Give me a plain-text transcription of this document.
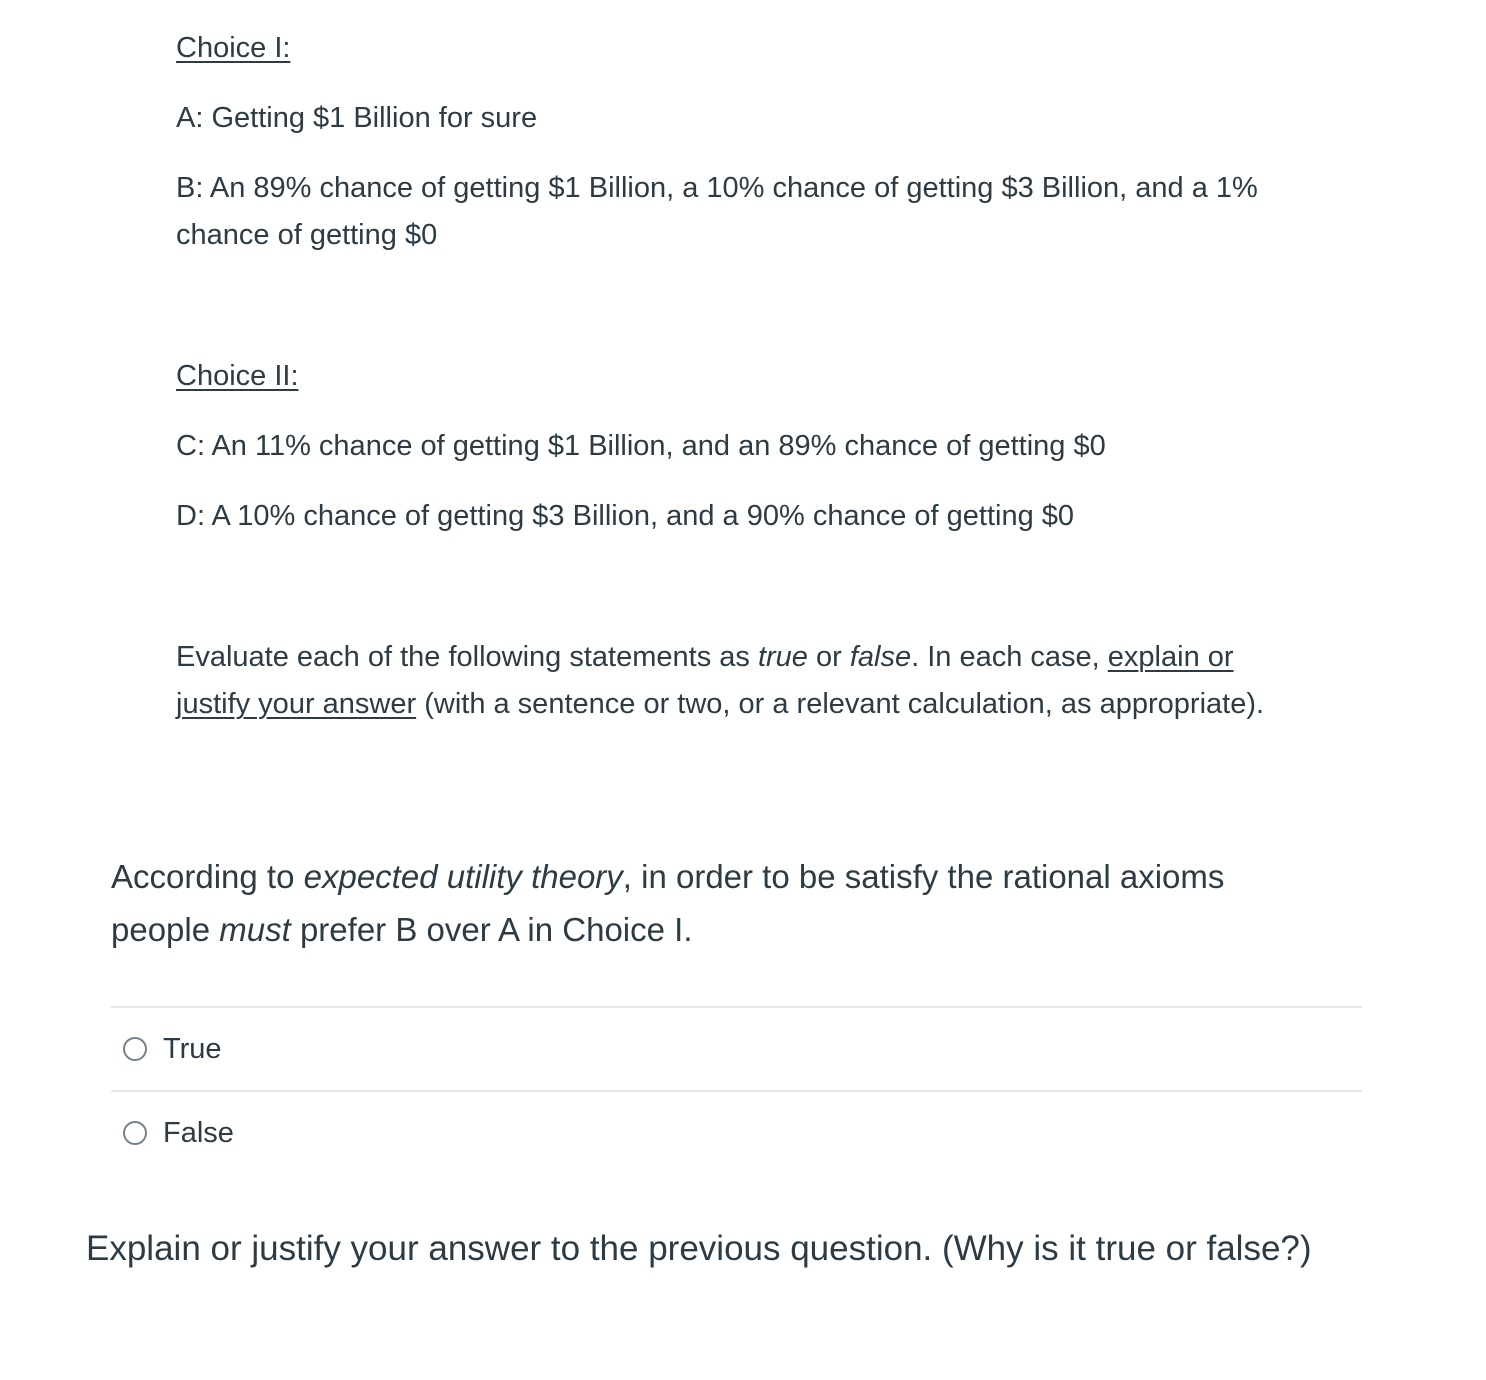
Choice I:
A: Getting $1 Billion for sure
B: An 89% chance of getting $1 Billion, a 10% chance of getting $3 Billion, and a 1% chance of getting $0
Choice II:
C: An 11% chance of getting $1 Billion, and an 89% chance of getting $0
D: A 10% chance of getting $3 Billion, and a 90% chance of getting $0
Evaluate each of the following statements as true or false. In each case, explain or justify your answer (with a sentence or two, or a relevant calculation, as appropriate).
According to expected utility theory, in order to be satisfy the rational axioms people must prefer B over A in Choice I.
True
False
Explain or justify your answer to the previous question. (Why is it true or false?)
